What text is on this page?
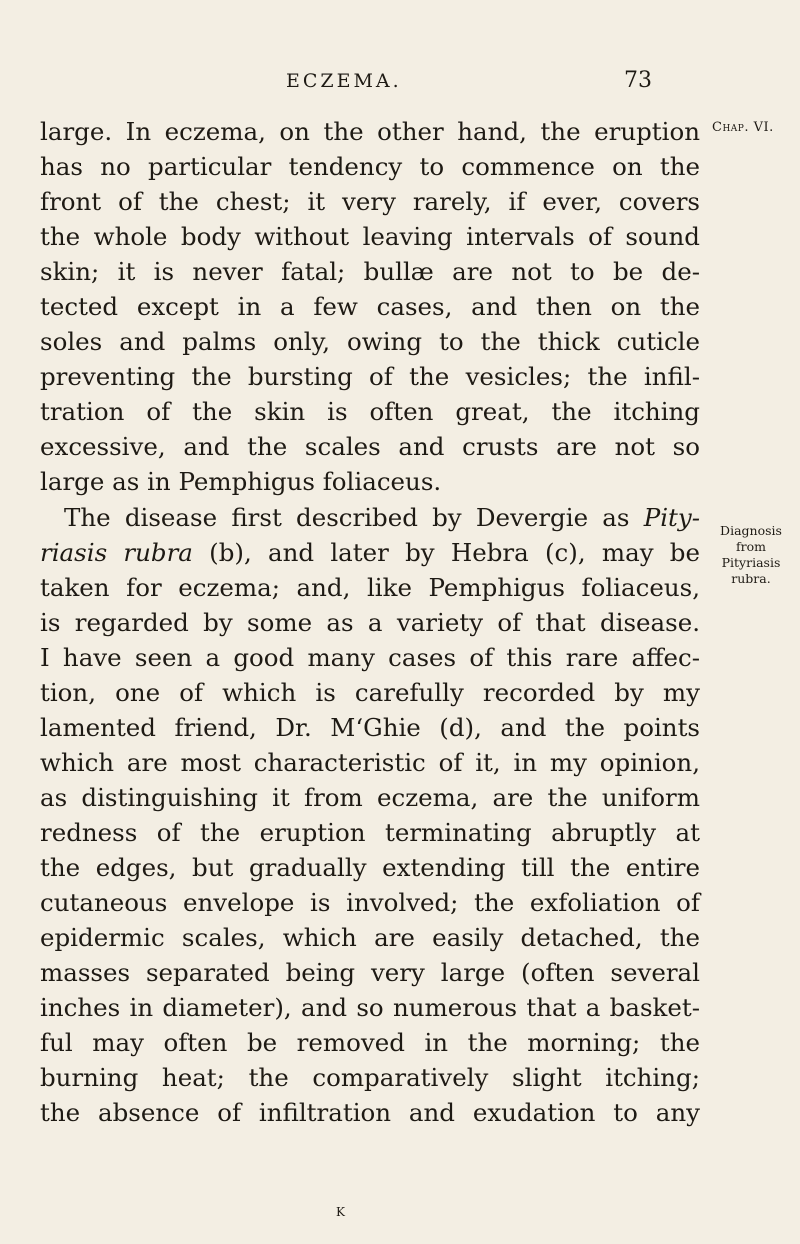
ECZEMA.	73
Chap. VI.
Diagnosis from
Pityriasis rubra.
large. In eczema, on the other hand, the eruption
has no particular tendency to commence on the
front of the chest; it very rarely, if ever, covers
the whole body without leaving intervals of sound
skin; it is never fatal; bullæ are not to be de-
tected except in a few cases, and then on the
soles and palms only, owing to the thick cuticle
preventing the bursting of the vesicles; the infil-
tration of the skin is often great, the itching
excessive, and the scales and crusts are not so
large as in Pemphigus foliaceus.
The disease first described by Devergie as Pity-
riasis rubra (b), and later by Hebra (c), may be
taken for eczema; and, like Pemphigus foliaceus,
is regarded by some as a variety of that disease.
I have seen a good many cases of this rare affec-
tion, one of which is carefully recorded by my
lamented friend, Dr. M‘Ghie (d), and the points
which are most characteristic of it, in my opinion,
as distinguishing it from eczema, are the uniform
redness of the eruption terminating abruptly at
the edges, but gradually extending till the entire
cutaneous envelope is involved; the exfoliation of
epidermic scales, which are easily detached, the
masses separated being very large (often several
inches in diameter), and so numerous that a basket-
ful may often be removed in the morning; the
burning heat; the comparatively slight itching;
the absence of infiltration and exudation to any
K
